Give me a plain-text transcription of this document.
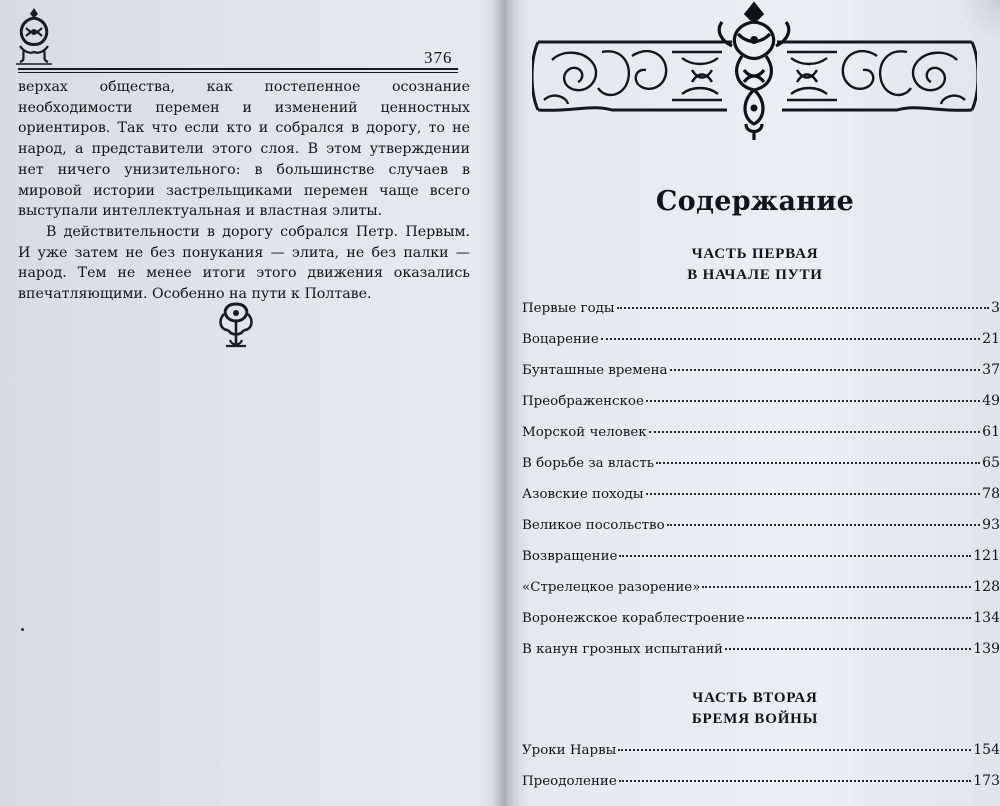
376

верхах общества, как постепенное осознание необходимости перемен и изменений ценностных ориентиров. Так что если кто и собрался в дорогу, то не народ, а представители этого слоя. В этом утверждении нет ничего унизительного: в большинстве случаев в мировой истории застрельщиками перемен чаще всего выступали интеллектуальная и властная элиты.

В действительности в дорогу собрался Петр. Первым. И уже затем не без понукания — элита, не без палки — народ. Тем не менее итоги этого движения оказались впечатляющими. Особенно на пути к Полтаве.

Содержание
ЧАСТЬ ПЕРВАЯ
В НАЧАЛЕ ПУТИ
Первые годы	3
Воцарение	21
Бунташные времена	37
Преображенское	49
Морской человек	61
В борьбе за власть	65
Азовские походы	78
Великое посольство	93
Возвращение	121
«Стрелецкое разорение»	128
Воронежское кораблестроение	134
В канун грозных испытаний	139
ЧАСТЬ ВТОРАЯ
БРЕМЯ ВОЙНЫ
Уроки Нарвы	154
Преодоление	173
